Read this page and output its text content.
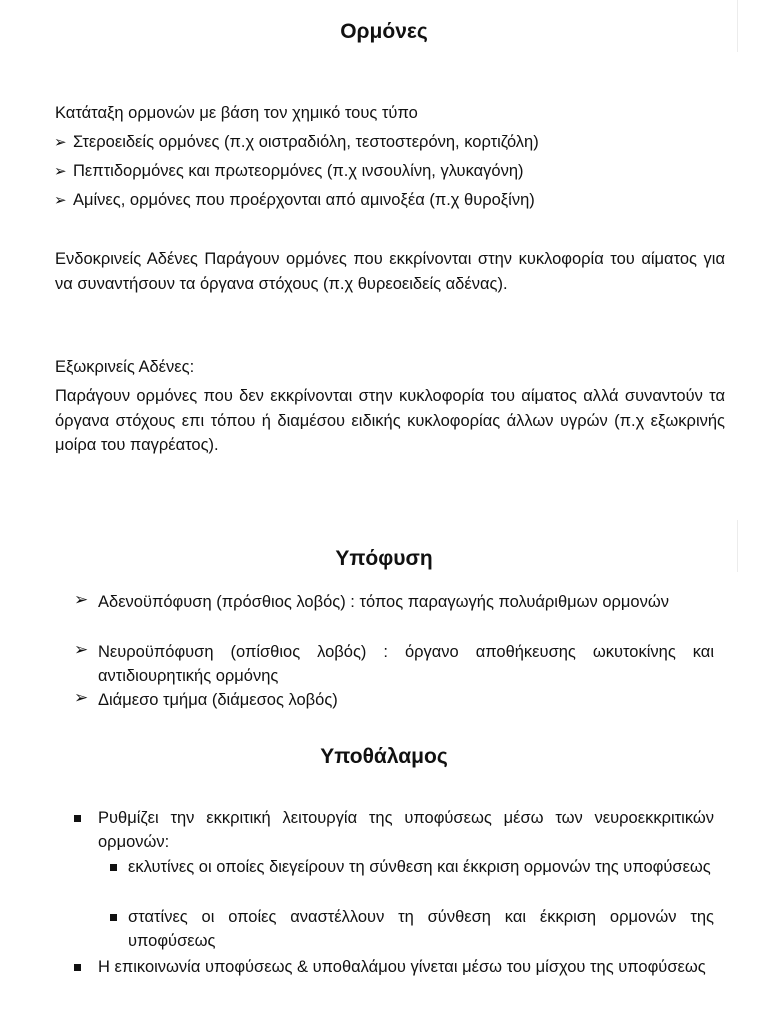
Ορμόνες

Κατάταξη ορμονών με βάση τον χημικό τους τύπο

➢ Στεροειδείς ορμόνες (π.χ οιστραδιόλη, τεστοστερόνη, κορτιζόλη)
➢ Πεπτιδορμόνες και πρωτεορμόνες (π.χ ινσουλίνη, γλυκαγόνη)
➢ Αμίνες, ορμόνες που προέρχονται από αμινοξέα (π.χ θυροξίνη)

Ενδοκρινείς Αδένες Παράγουν ορμόνες που εκκρίνονται στην κυκλοφορία του αίματος για να συναντήσουν τα όργανα στόχους (π.χ θυρεοειδείς αδένας).

Εξωκρινείς Αδένες:

Παράγουν ορμόνες που δεν εκκρίνονται στην κυκλοφορία του αίματος αλλά συναντούν τα όργανα στόχους επι τόπου ή διαμέσου ειδικής κυκλοφορίας άλλων υγρών (π.χ εξωκρινής μοίρα του παγρέατος).

Υπόφυση
➢ Αδενοϋπόφυση (πρόσθιος λοβός) : τόπος παραγωγής πολυάριθμων ορμονών
➢ Νευροϋπόφυση (οπίσθιος λοβός) : όργανο αποθήκευσης ωκυτοκίνης και αντιδιουρητικής ορμόνης
➢ Διάμεσο τμήμα (διάμεσος λοβός)
Υποθάλαμος
Ρυθμίζει την εκκριτική λειτουργία της υποφύσεως μέσω των νευροεκκριτικών ορμονών:
εκλυτίνες οι οποίες διεγείρουν τη σύνθεση και έκκριση ορμονών της υποφύσεως
στατίνες οι οποίες αναστέλλουν τη σύνθεση και έκκριση ορμονών της υποφύσεως
Η επικοινωνία υποφύσεως & υποθαλάμου γίνεται μέσω του μίσχου της υποφύσεως
